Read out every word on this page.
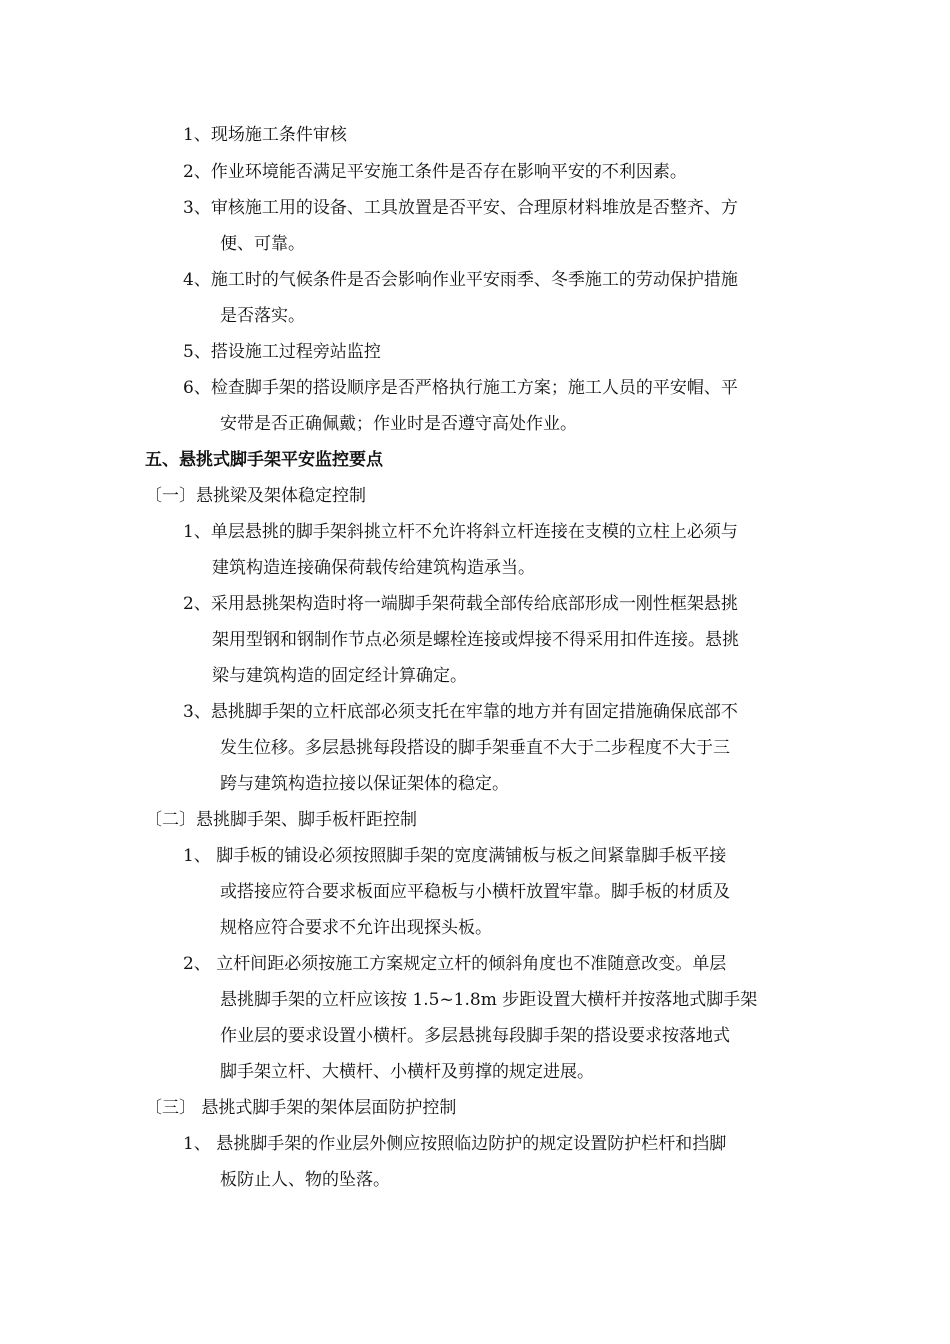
1、现场施工条件审核
2、作业环境能否满足平安施工条件是否存在影响平安的不利因素。
3、审核施工用的设备、工具放置是否平安、合理原材料堆放是否整齐、方
便、可靠。
4、施工时的气候条件是否会影响作业平安雨季、冬季施工的劳动保护措施
是否落实。
5、搭设施工过程旁站监控
6、检查脚手架的搭设顺序是否严格执行施工方案；施工人员的平安帽、平
安带是否正确佩戴；作业时是否遵守高处作业。
五、悬挑式脚手架平安监控要点
〔一〕悬挑梁及架体稳定控制
1、单层悬挑的脚手架斜挑立杆不允许将斜立杆连接在支模的立柱上必须与
建筑构造连接确保荷载传给建筑构造承当。
2、采用悬挑架构造时将一端脚手架荷载全部传给底部形成一刚性框架悬挑
架用型钢和钢制作节点必须是螺栓连接或焊接不得采用扣件连接。悬挑
梁与建筑构造的固定经计算确定。
3、悬挑脚手架的立杆底部必须支托在牢靠的地方并有固定措施确保底部不
发生位移。多层悬挑每段搭设的脚手架垂直不大于二步程度不大于三
跨与建筑构造拉接以保证架体的稳定。
〔二〕悬挑脚手架、脚手板杆距控制
1、 脚手板的铺设必须按照脚手架的宽度满铺板与板之间紧靠脚手板平接
或搭接应符合要求板面应平稳板与小横杆放置牢靠。脚手板的材质及
规格应符合要求不允许出现探头板。
2、 立杆间距必须按施工方案规定立杆的倾斜角度也不准随意改变。单层
悬挑脚手架的立杆应该按 1.5~1.8m 步距设置大横杆并按落地式脚手架
作业层的要求设置小横杆。多层悬挑每段脚手架的搭设要求按落地式
脚手架立杆、大横杆、小横杆及剪撑的规定进展。
〔三〕 悬挑式脚手架的架体层面防护控制
1、 悬挑脚手架的作业层外侧应按照临边防护的规定设置防护栏杆和挡脚
板防止人、物的坠落。
